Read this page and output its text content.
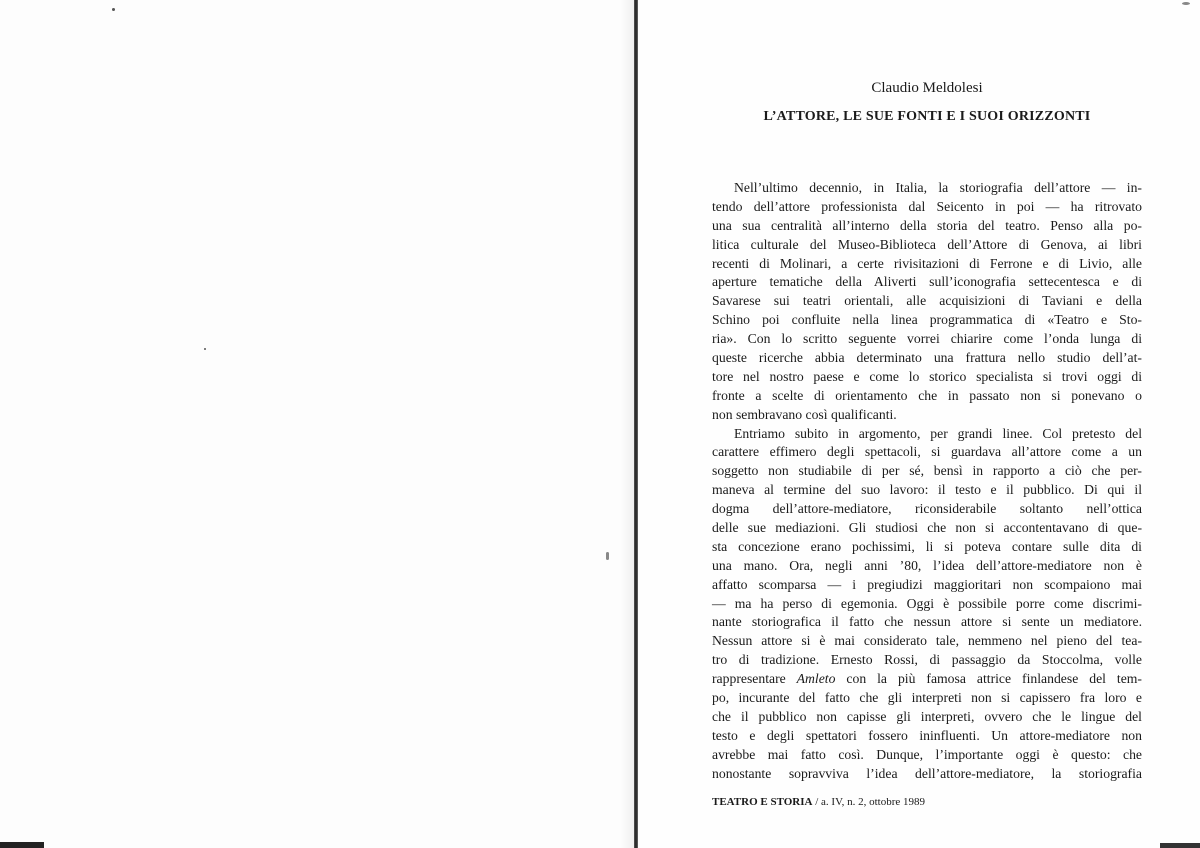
Claudio Meldolesi
L’ATTORE, LE SUE FONTI E I SUOI ORIZZONTI
Nell’ultimo decennio, in Italia, la storiografia dell’attore — in-
tendo dell’attore professionista dal Seicento in poi — ha ritrovato
una sua centralità all’interno della storia del teatro. Penso alla po-
litica culturale del Museo-Biblioteca dell’Attore di Genova, ai libri
recenti di Molinari, a certe rivisitazioni di Ferrone e di Livio, alle
aperture tematiche della Aliverti sull’iconografia settecentesca e di
Savarese sui teatri orientali, alle acquisizioni di Taviani e della
Schino poi confluite nella linea programmatica di «Teatro e Sto-
ria». Con lo scritto seguente vorrei chiarire come l’onda lunga di
queste ricerche abbia determinato una frattura nello studio dell’at-
tore nel nostro paese e come lo storico specialista si trovi oggi di
fronte a scelte di orientamento che in passato non si ponevano o
non sembravano così qualificanti.
Entriamo subito in argomento, per grandi linee. Col pretesto del
carattere effimero degli spettacoli, si guardava all’attore come a un
soggetto non studiabile di per sé, bensì in rapporto a ciò che per-
maneva al termine del suo lavoro: il testo e il pubblico. Di qui il
dogma dell’attore-mediatore, riconsiderabile soltanto nell’ottica
delle sue mediazioni. Gli studiosi che non si accontentavano di que-
sta concezione erano pochissimi, li si poteva contare sulle dita di
una mano. Ora, negli anni ’80, l’idea dell’attore-mediatore non è
affatto scomparsa — i pregiudizi maggioritari non scompaiono mai
— ma ha perso di egemonia. Oggi è possibile porre come discrimi-
nante storiografica il fatto che nessun attore si sente un mediatore.
Nessun attore si è mai considerato tale, nemmeno nel pieno del tea-
tro di tradizione. Ernesto Rossi, di passaggio da Stoccolma, volle
rappresentare Amleto con la più famosa attrice finlandese del tem-
po, incurante del fatto che gli interpreti non si capissero fra loro e
che il pubblico non capisse gli interpreti, ovvero che le lingue del
testo e degli spettatori fossero ininfluenti. Un attore-mediatore non
avrebbe mai fatto così. Dunque, l’importante oggi è questo: che
nonostante sopravviva l’idea dell’attore-mediatore, la storiografia
TEATRO E STORIA / a. IV, n. 2, ottobre 1989
